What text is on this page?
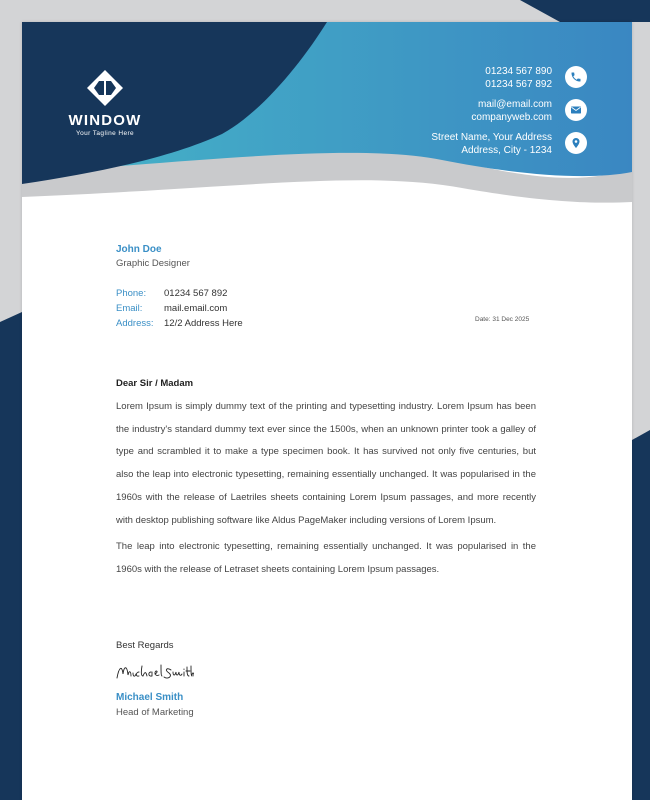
WINDOW
Your Tagline Here
01234 567 890
01234 567 892
mail@email.com
companyweb.com
Street Name, Your Address
Address, City - 1234
John Doe
Graphic Designer
Phone:	01234 567 892
Email:	mail.email.com
Address:	12/2 Address Here	Date: 31 Dec 2025
Dear Sir / Madam

Lorem Ipsum is simply dummy text of the printing and typesetting industry. Lorem Ipsum has been the industry's standard dummy text ever since the 1500s, when an unknown printer took a galley of type and scrambled it to make a type specimen book. It has survived not only five centuries, but also the leap into electronic typesetting, remaining essentially unchanged. It was popularised in the 1960s with the release of Laetriles sheets containing Lorem Ipsum passages, and more recently with desktop publishing software like Aldus PageMaker including versions of Lorem Ipsum.

The leap into electronic typesetting, remaining essentially unchanged. It was popularised in the 1960s with the release of Letraset sheets containing Lorem Ipsum passages.

Best Regards
Michael Smith
Head of Marketing
